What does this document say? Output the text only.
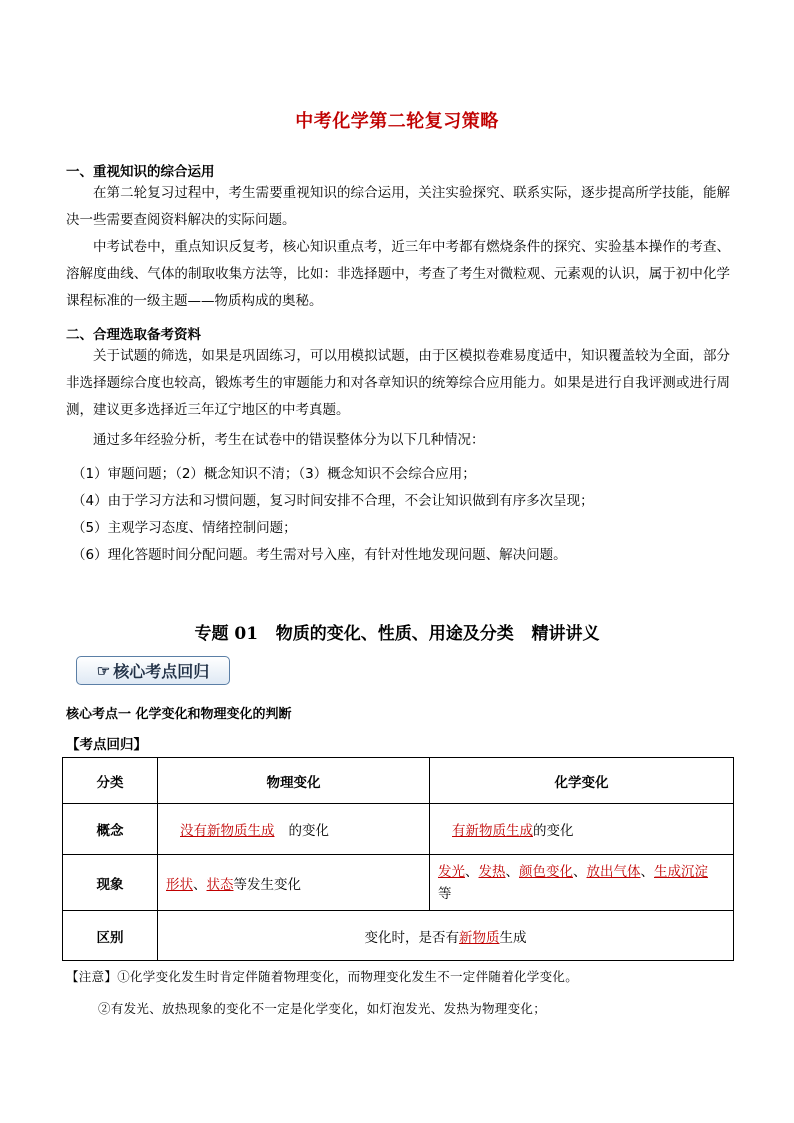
中考化学第二轮复习策略
一、重视知识的综合运用

在第二轮复习过程中，考生需要重视知识的综合运用，关注实验探究、联系实际，逐步提高所学技能，能解决一些需要查阅资料解决的实际问题。

中考试卷中，重点知识反复考，核心知识重点考，近三年中考都有燃烧条件的探究、实验基本操作的考查、溶解度曲线、气体的制取收集方法等，比如：非选择题中，考查了考生对微粒观、元素观的认识，属于初中化学课程标准的一级主题——物质构成的奥秘。

二、合理选取备考资料

关于试题的筛选，如果是巩固练习，可以用模拟试题，由于区模拟卷难易度适中，知识覆盖较为全面，部分非选择题综合度也较高，锻炼考生的审题能力和对各章知识的统筹综合应用能力。如果是进行自我评测或进行周测，建议更多选择近三年辽宁地区的中考真题。

通过多年经验分析，考生在试卷中的错误整体分为以下几种情况：

（1）审题问题；（2）概念知识不清；（3）概念知识不会综合应用；
（4）由于学习方法和习惯问题，复习时间安排不合理，不会让知识做到有序多次呈现；
（5）主观学习态度、情绪控制问题；
（6）理化答题时间分配问题。考生需对号入座，有针对性地发现问题、解决问题。
专题 01   物质的变化、性质、用途及分类   精讲讲义
☞ 核心考点回归
核心考点一 化学变化和物理变化的判断
【考点回归】
分类	物理变化	化学变化
概念	没有新物质生成 的变化	有新物质生成的变化
现象	形状、状态等发生变化	发光、发热、颜色变化、放出气体、生成沉淀
等
区别	变化时，是否有新物质生成	
【注意】①化学变化发生时肯定伴随着物理变化，而物理变化发生不一定伴随着化学变化。
②有发光、放热现象的变化不一定是化学变化，如灯泡发光、发热为物理变化；
